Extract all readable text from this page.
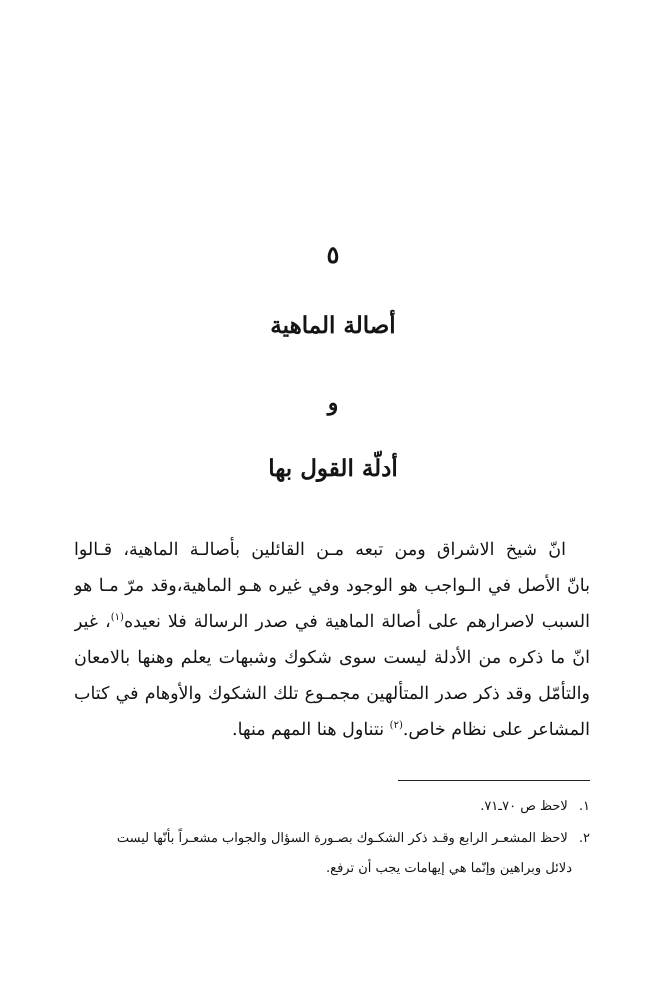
٥
أصالة الماهية
و
أدلّة القول بها
انّ شيخ الاشراق ومن تبعه مـن القائلين بأصالـة الماهية، قـالوا
بانّ الأصل في الـواجب هو الوجود وفي غيره هـو الماهية،وقد مرّ مـا هو
السبب لاصرارهم على أصالة الماهية في صدر الرسالة فلا نعيده$^{(١)}$، غير
انّ ما ذكره من الأدلة ليست سوى شكوك وشبهات يعلم وهنها بالامعان
والتأمّل وقد ذكر صدر المتألهين مجمـوع تلك الشكوك والأوهام في كتاب
المشاعر على نظام خاص.$^{(٢)}$ نتناول هنا المهم منها.
١. لاحظ ص ٧٠ـ٧١.
٢. لاحظ المشعـر الرابع وقـد ذكر الشكـوك بصـورة السؤال والجواب مشعـراً بأنّها ليست
دلائل وبراهين وإنّما هي إيهامات يجب أن ترفع.
